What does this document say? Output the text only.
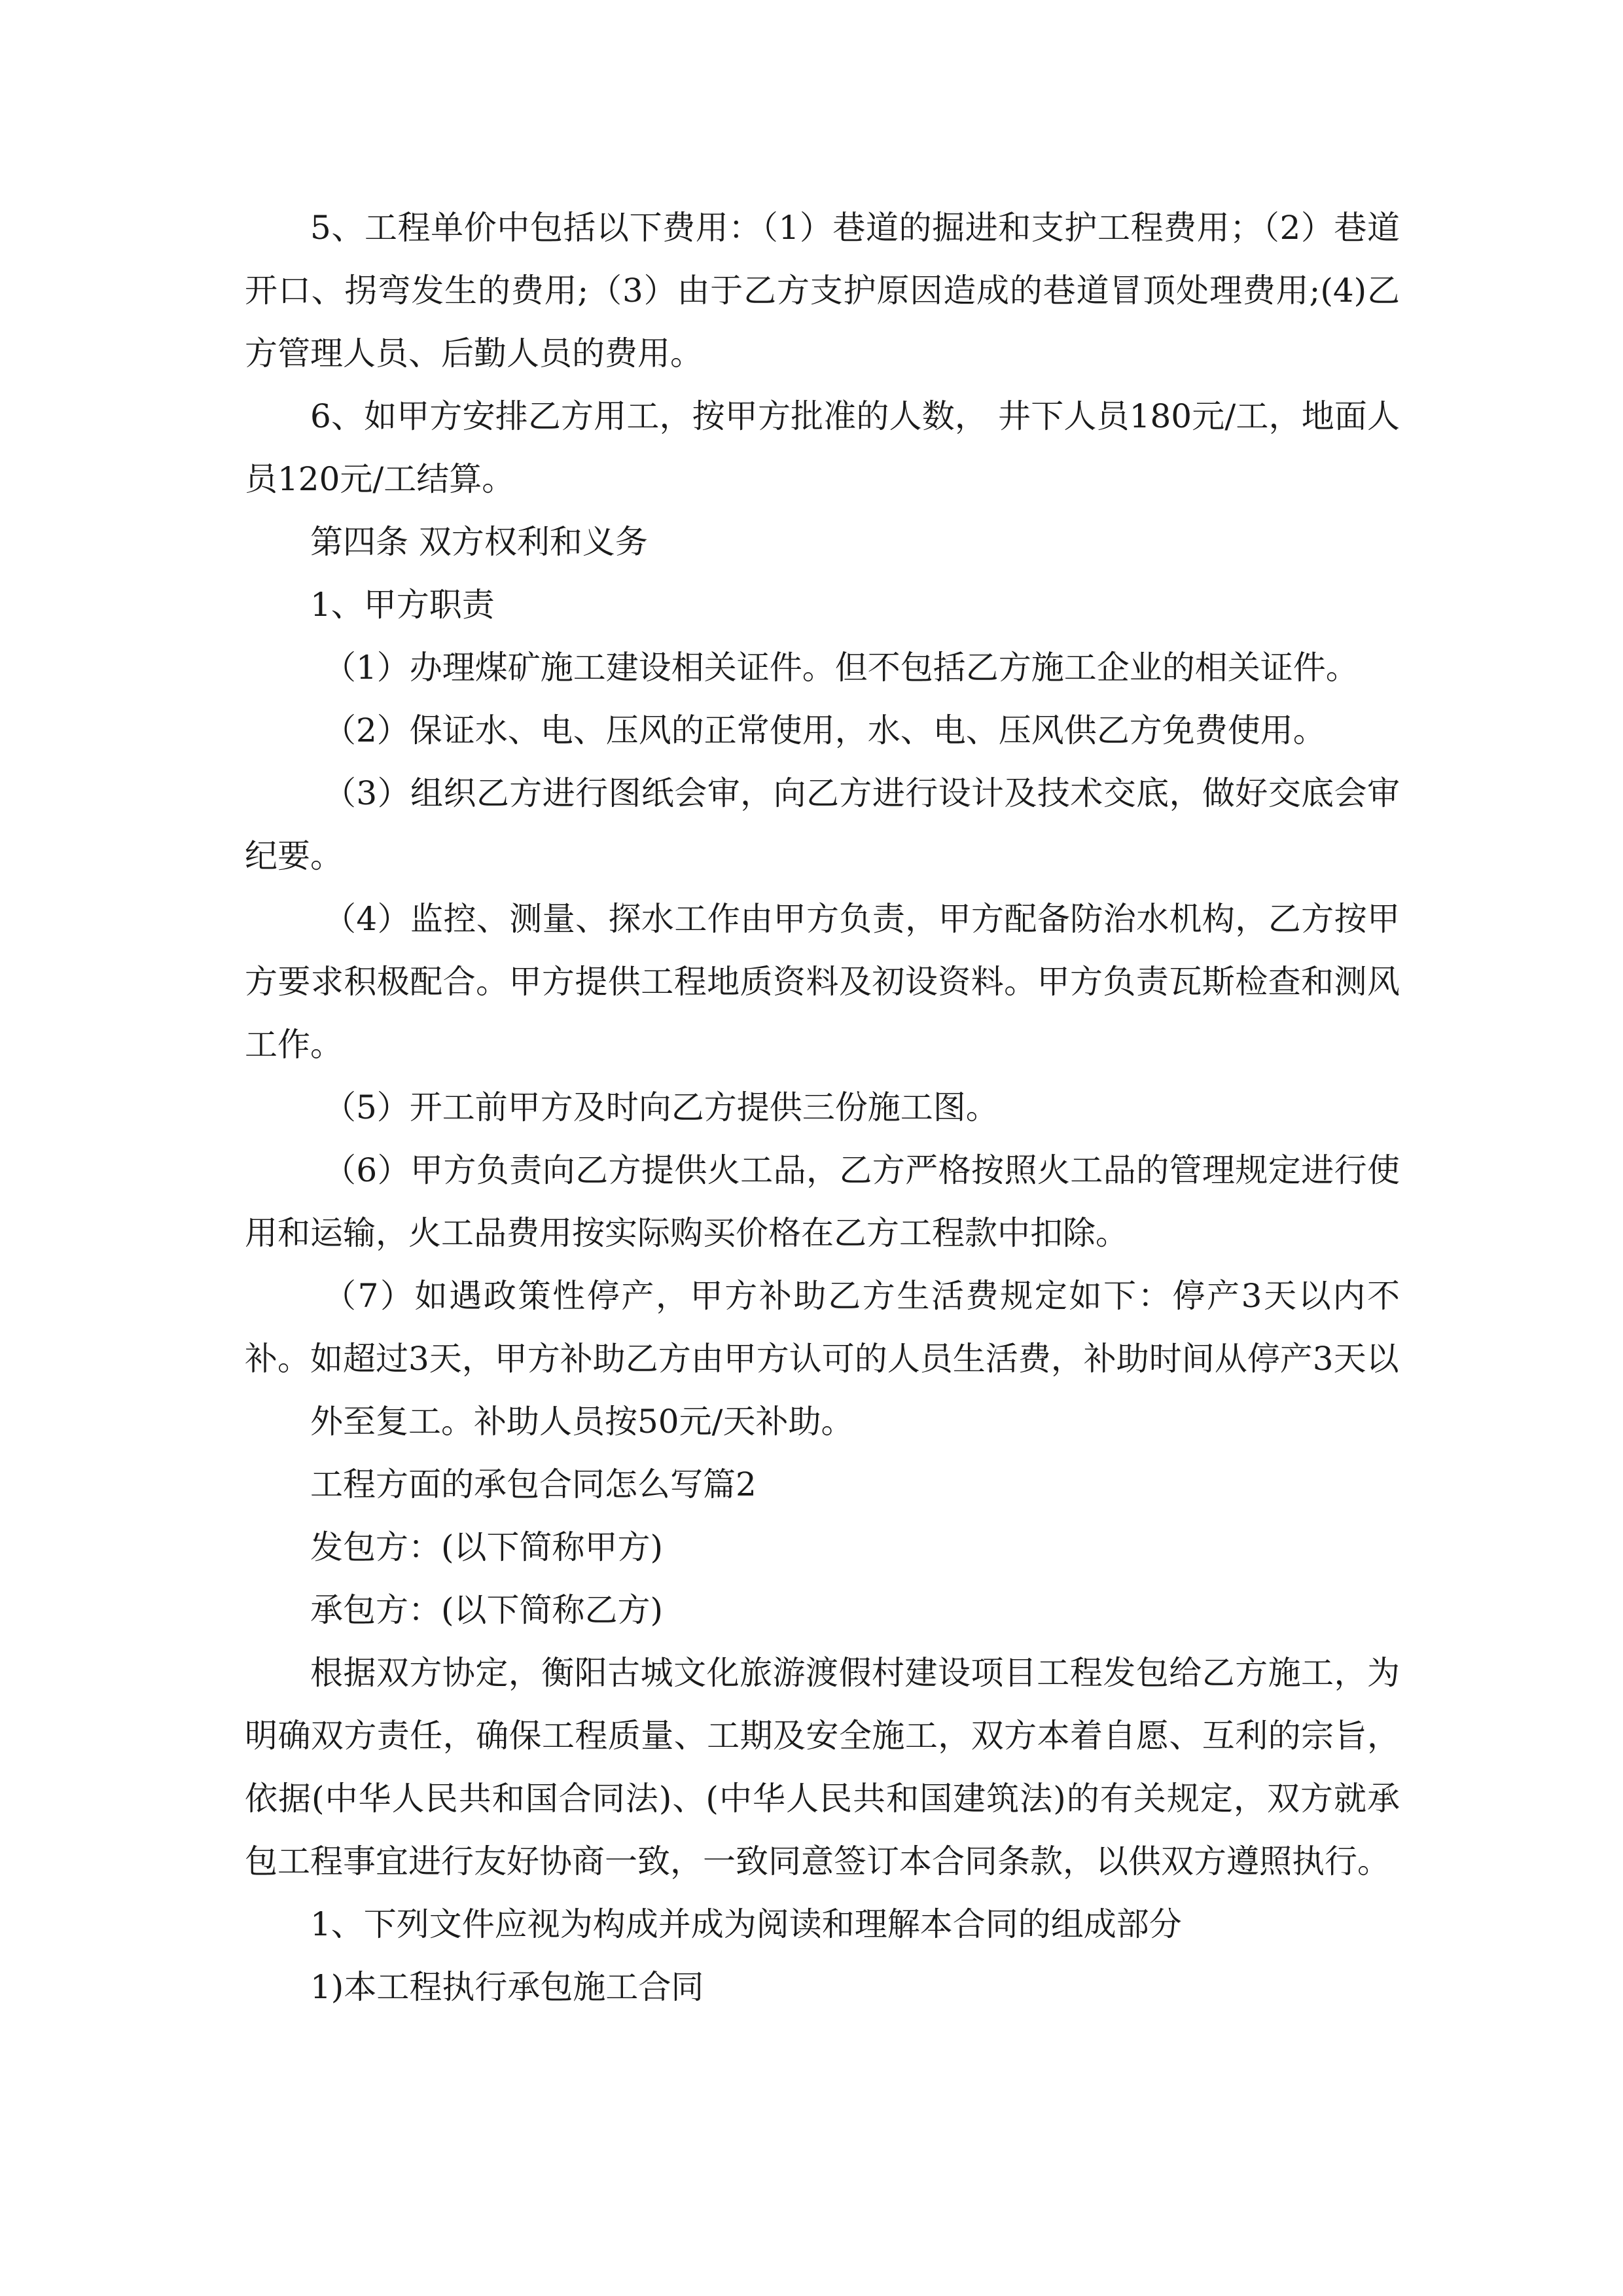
5、工程单价中包括以下费用：（1）巷道的掘进和支护工程费用；（2）巷道开口、拐弯发生的费用;（3）由于乙方支护原因造成的巷道冒顶处理费用;(4)乙方管理人员、后勤人员的费用。

6、如甲方安排乙方用工，按甲方批准的人数， 井下人员180元/工，地面人员120元/工结算。

第四条 双方权利和义务

1、甲方职责

（1）办理煤矿施工建设相关证件。但不包括乙方施工企业的相关证件。

（2）保证水、电、压风的正常使用，水、电、压风供乙方免费使用。

（3）组织乙方进行图纸会审，向乙方进行设计及技术交底，做好交底会审纪要。

（4）监控、测量、探水工作由甲方负责，甲方配备防治水机构，乙方按甲方要求积极配合。甲方提供工程地质资料及初设资料。甲方负责瓦斯检查和测风工作。

（5）开工前甲方及时向乙方提供三份施工图。

（6）甲方负责向乙方提供火工品，乙方严格按照火工品的管理规定进行使用和运输，火工品费用按实际购买价格在乙方工程款中扣除。

（7）如遇政策性停产，甲方补助乙方生活费规定如下：停产3天以内不补。如超过3天，甲方补助乙方由甲方认可的人员生活费，补助时间从停产3天以

外至复工。补助人员按50元/天补助。

工程方面的承包合同怎么写篇2

发包方：(以下简称甲方)

承包方：(以下简称乙方)

根据双方协定，衡阳古城文化旅游渡假村建设项目工程发包给乙方施工，为明确双方责任，确保工程质量、工期及安全施工，双方本着自愿、互利的宗旨，依据(中华人民共和国合同法)、(中华人民共和国建筑法)的有关规定，双方就承包工程事宜进行友好协商一致，一致同意签订本合同条款，以供双方遵照执行。

1、下列文件应视为构成并成为阅读和理解本合同的组成部分

1)本工程执行承包施工合同
